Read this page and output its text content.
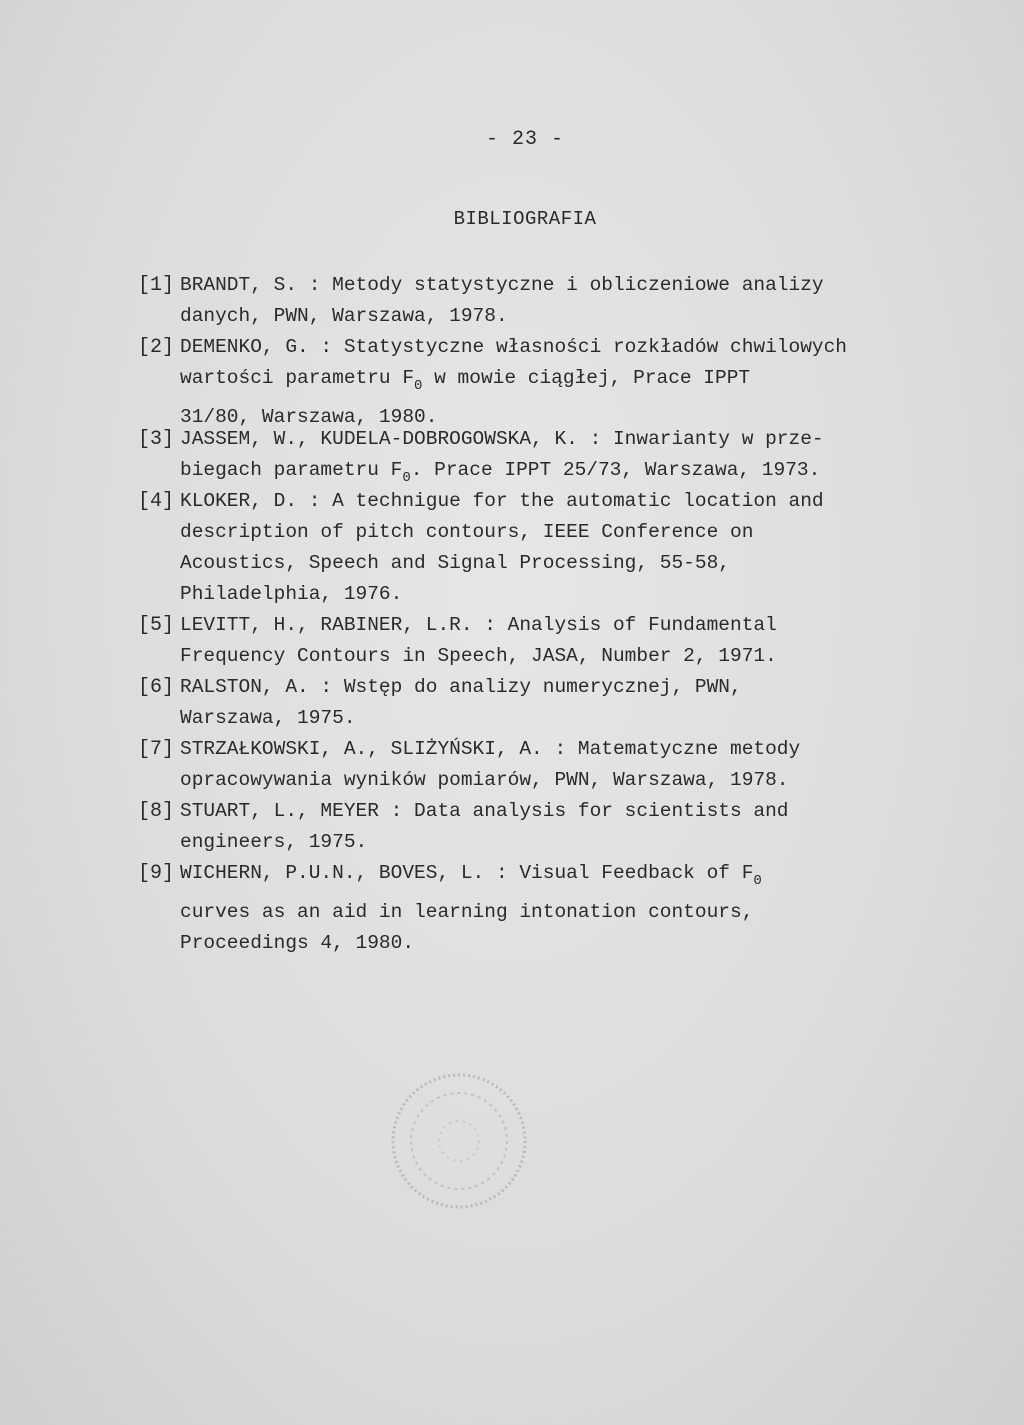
- 23 -
BIBLIOGRAFIA
[1] BRANDT, S. : Metody statystyczne i obliczeniowe analizy
danych, PWN, Warszawa, 1978.
[2] DEMENKO, G. : Statystyczne własności rozkładów chwilowych
wartości parametru $F_0$ w mowie ciągłej, Prace IPPT
31/80, Warszawa, 1980.
[3] JASSEM, W., KUDELA-DOBROGOWSKA, K. : Inwarianty w prze-
biegach parametru $F_0$. Prace IPPT 25/73, Warszawa, 1973.
[4] KLOKER, D. : A technigue for the automatic location and
description of pitch contours, IEEE Conference on
Acoustics, Speech and Signal Processing, 55-58,
Philadelphia, 1976.
[5] LEVITT, H., RABINER, L.R. : Analysis of Fundamental
Frequency Contours in Speech, JASA, Number 2, 1971.
[6] RALSTON, A. : Wstęp do analizy numerycznej, PWN,
Warszawa, 1975.
[7] STRZAŁKOWSKI, A., SLIŻYŃSKI, A. : Matematyczne metody
opracowywania wyników pomiarów, PWN, Warszawa, 1978.
[8] STUART, L., MEYER : Data analysis for scientists and
engineers, 1975.
[9] WICHERN, P.U.N., BOVES, L. : Visual Feedback of $F_0$
curves as an aid in learning intonation contours,
Proceedings 4, 1980.
